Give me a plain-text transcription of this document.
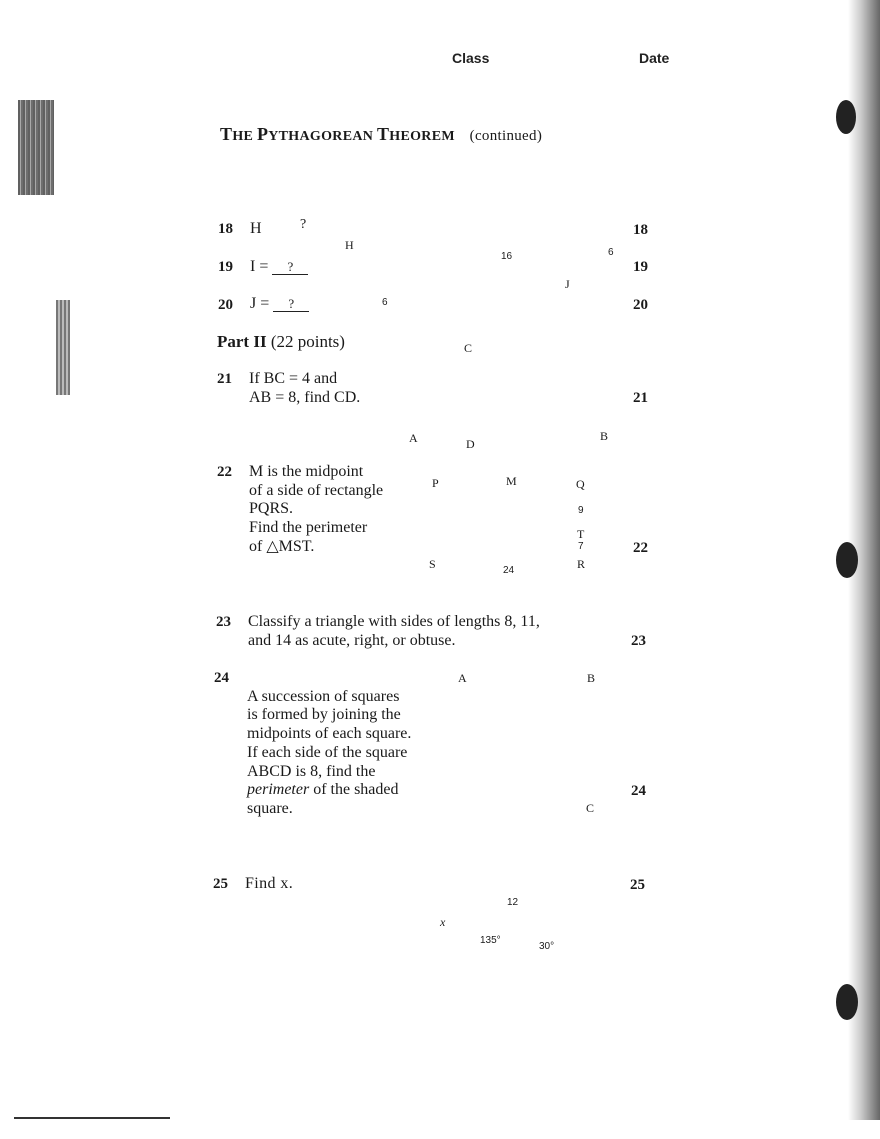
Class	Date
THE PYTHAGOREAN THEOREM (continued)
18 H	?	18
19 I = ?	19
20 J = ?	20
H
16	6
J
6
Part II (22 points)
21 If BC = 4 and
AB = 8, find CD.	21
C
A	D
B
22 M is the midpoint
of a side of rectangle
PQRS.
Find the perimeter
of △MST.	22
P	M	Q
9
T
7
S	24	R
23 Classify a triangle with sides of lengths 8, 11,
and 14 as acute, right, or obtuse.	23
24

A succession of squares
is formed by joining the
midpoints of each square.
If each side of the square
ABCD is 8, find the
perimeter of the shaded
square.
24
A	B
C
25 Find x.	25
12
x
135°
30°
